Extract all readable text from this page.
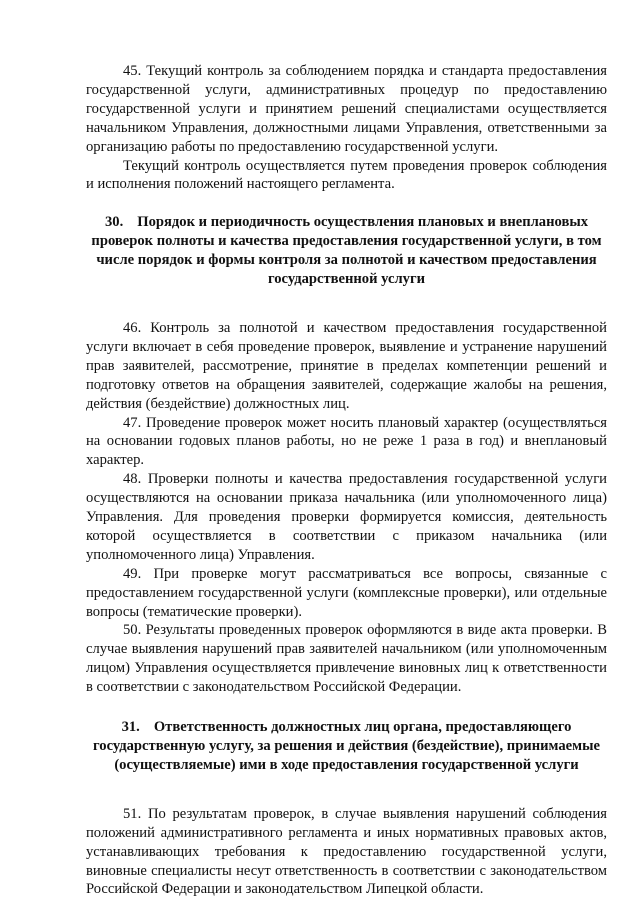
45. Текущий контроль за соблюдением порядка и стандарта предоставления государственной услуги, административных процедур по предоставлению государственной услуги и принятием решений специалистами осуществляется начальником Управления, должностными лицами Управления, ответственными за организацию работы по предоставлению государственной услуги.

Текущий контроль осуществляется путем проведения проверок соблюдения и исполнения положений настоящего регламента.

30. Порядок и периодичность осуществления плановых и внеплановых проверок полноты и качества предоставления государственной услуги, в том числе порядок и формы контроля за полнотой и качеством предоставления государственной услуги

46. Контроль за полнотой и качеством предоставления государственной услуги включает в себя проведение проверок, выявление и устранение нарушений прав заявителей, рассмотрение, принятие в пределах компетенции решений и подготовку ответов на обращения заявителей, содержащие жалобы на решения, действия (бездействие) должностных лиц.

47. Проведение проверок может носить плановый характер (осуществляться на основании годовых планов работы, но не реже 1 раза в год) и внеплановый характер.

48. Проверки полноты и качества предоставления государственной услуги осуществляются на основании приказа начальника (или уполномоченного лица) Управления. Для проведения проверки формируется комиссия, деятельность которой осуществляется в соответствии с приказом начальника (или уполномоченного лица) Управления.

49. При проверке могут рассматриваться все вопросы, связанные с предоставлением государственной услуги (комплексные проверки), или отдельные вопросы (тематические проверки).

50. Результаты проведенных проверок оформляются в виде акта проверки. В случае выявления нарушений прав заявителей начальником (или уполномоченным лицом) Управления осуществляется привлечение виновных лиц к ответственности в соответствии с законодательством Российской Федерации.

31. Ответственность должностных лиц органа, предоставляющего государственную услугу, за решения и действия (бездействие), принимаемые (осуществляемые) ими в ходе предоставления государственной услуги

51. По результатам проверок, в случае выявления нарушений соблюдения положений административного регламента и иных нормативных правовых актов, устанавливающих требования к предоставлению государственной услуги, виновные специалисты несут ответственность в соответствии с законодательством Российской Федерации и законодательством Липецкой области.
